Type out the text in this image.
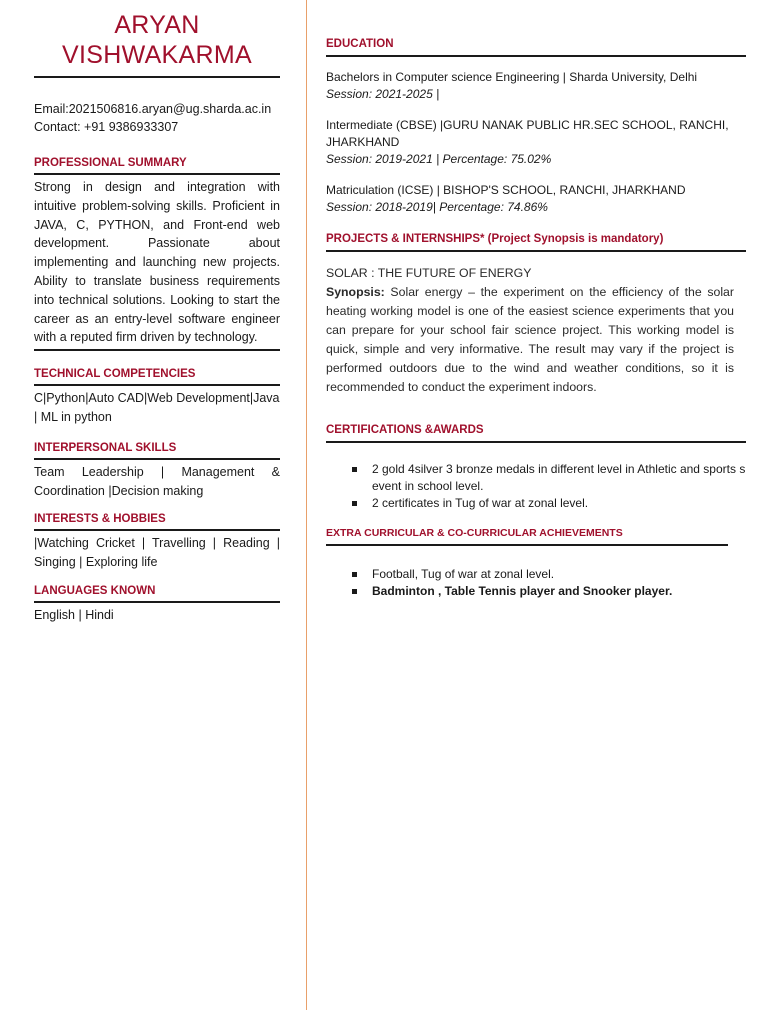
ARYAN
VISHWAKARMA
Email:2021506816.aryan@ug.sharda.ac.in
Contact: +91 9386933307
PROFESSIONAL SUMMARY
Strong in design and integration with intuitive problem-solving skills. Proficient in JAVA, C, PYTHON, and Front-end web development. Passionate about implementing and launching new projects. Ability to translate business requirements into technical solutions. Looking to start the career as an entry-level software engineer with a reputed firm driven by technology.
TECHNICAL COMPETENCIES
C|Python|Auto CAD|Web Development|Java | ML in python
INTERPERSONAL SKILLS
Team Leadership | Management & Coordination |Decision making
INTERESTS & HOBBIES
|Watching Cricket | Travelling | Reading | Singing | Exploring life
LANGUAGES KNOWN
English | Hindi
EDUCATION
Bachelors in Computer science Engineering | Sharda University, Delhi
Session: 2021-2025 |
Intermediate (CBSE) |GURU NANAK PUBLIC HR.SEC SCHOOL, RANCHI, JHARKHAND
Session: 2019-2021 | Percentage: 75.02%
Matriculation (ICSE) | BISHOP'S SCHOOL, RANCHI, JHARKHAND
Session: 2018-2019| Percentage: 74.86%
PROJECTS & INTERNSHIPS* (Project Synopsis is mandatory)
SOLAR : THE FUTURE OF ENERGY
Synopsis: Solar energy – the experiment on the efficiency of the solar heating working model is one of the easiest science experiments that you can prepare for your school fair science project. This working model is quick, simple and very informative. The result may vary if the project is performed outdoors due to the wind and weather conditions, so it is recommended to conduct the experiment indoors.
CERTIFICATIONS &AWARDS
2 gold 4silver 3 bronze medals in different level in Athletic and sports s event in school level.
2 certificates in Tug of war at zonal level.
EXTRA CURRICULAR & CO-CURRICULAR ACHIEVEMENTS
Football, Tug of war at zonal level.
Badminton , Table Tennis player and Snooker player.
